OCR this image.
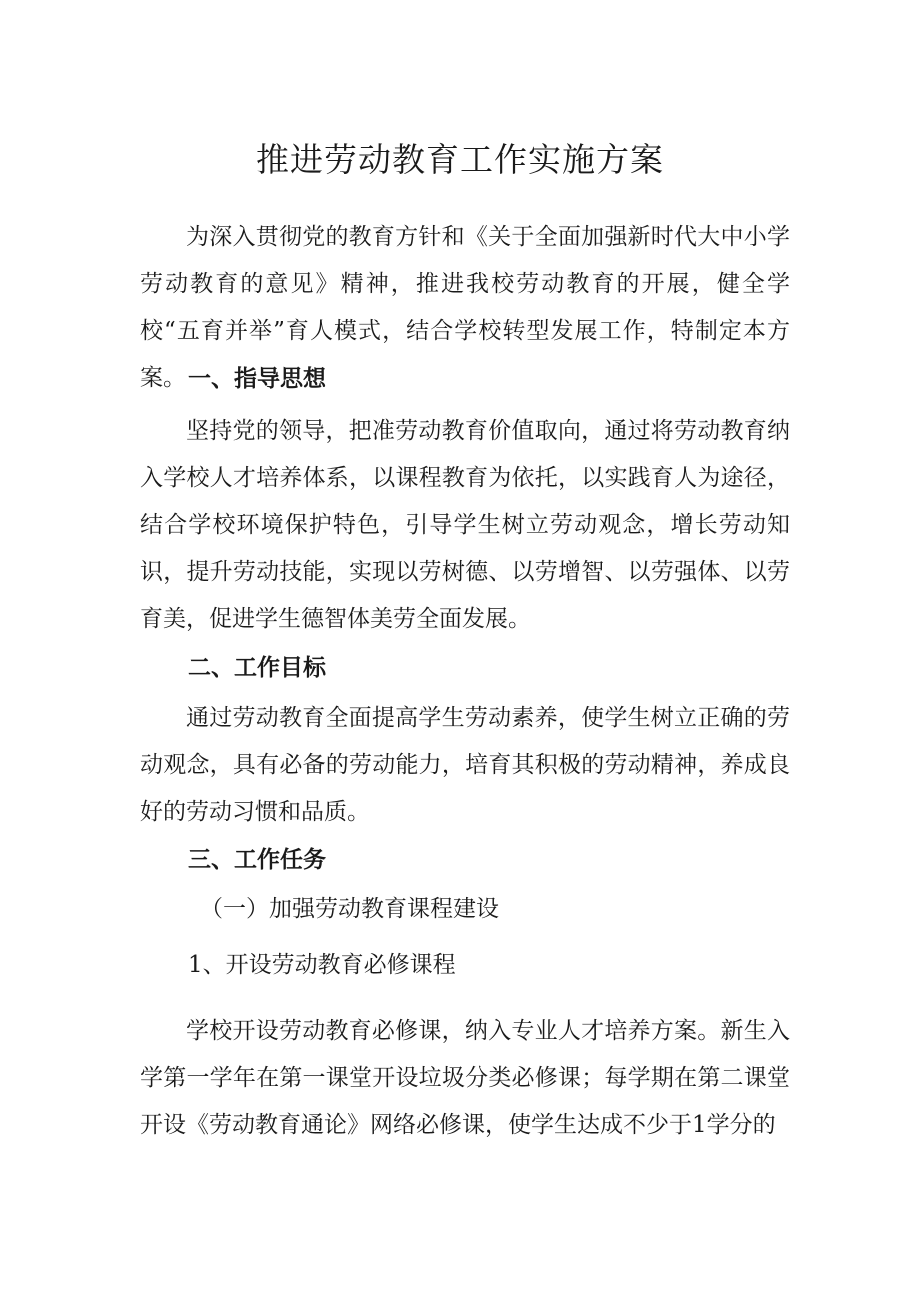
推进劳动教育工作实施方案

为深入贯彻党的教育方针和《关于全面加强新时代大中小学劳动教育的意见》精神，推进我校劳动教育的开展，健全学校“五育并举”育人模式，结合学校转型发展工作，特制定本方案。 一、指导思想

坚持党的领导，把准劳动教育价值取向，通过将劳动教育纳入学校人才培养体系，以课程教育为依托，以实践育人为途径，结合学校环境保护特色，引导学生树立劳动观念，增长劳动知识，提升劳动技能，实现以劳树德、以劳增智、以劳强体、以劳育美，促进学生德智体美劳全面发展。

二、工作目标

通过劳动教育全面提高学生劳动素养，使学生树立正确的劳动观念，具有必备的劳动能力，培育其积极的劳动精神，养成良好的劳动习惯和品质。

三、工作任务
（一）加强劳动教育课程建设
1、开设劳动教育必修课程

学校开设劳动教育必修课，纳入专业人才培养方案。新生入学第一学年在第一课堂开设垃圾分类必修课；每学期在第二课堂开设《劳动教育通论》网络必修课，使学生达成不少于1学分的
